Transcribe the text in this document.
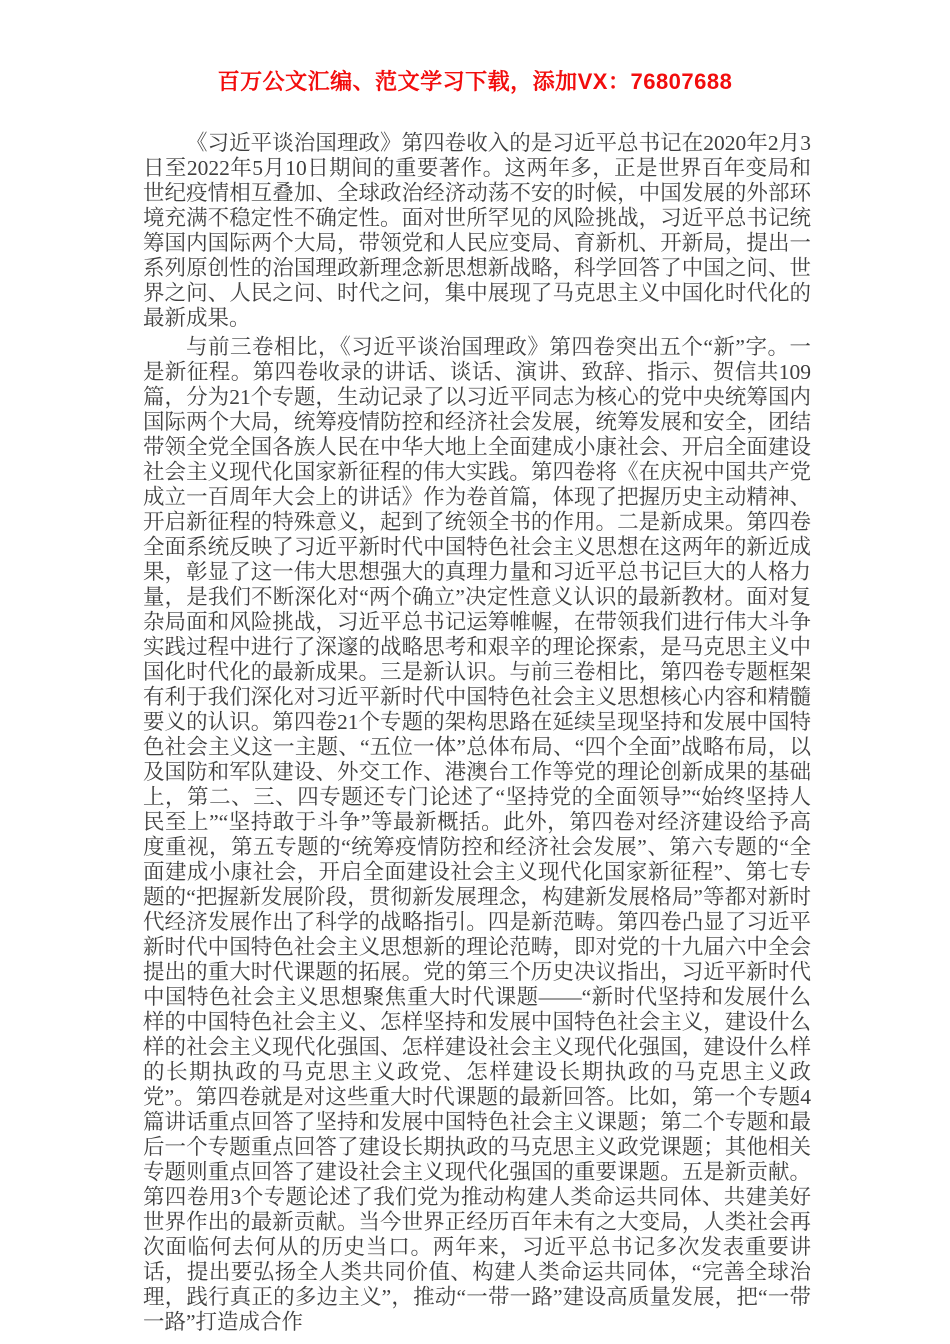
百万公文汇编、范文学习下载，添加VX：76807688

《习近平谈治国理政》第四卷收入的是习近平总书记在2020年2月3日至2022年5月10日期间的重要著作。这两年多，正是世界百年变局和世纪疫情相互叠加、全球政治经济动荡不安的时候，中国发展的外部环境充满不稳定性不确定性。面对世所罕见的风险挑战，习近平总书记统筹国内国际两个大局，带领党和人民应变局、育新机、开新局，提出一系列原创性的治国理政新理念新思想新战略，科学回答了中国之问、世界之问、人民之问、时代之问，集中展现了马克思主义中国化时代化的最新成果。

与前三卷相比，《习近平谈治国理政》第四卷突出五个“新”字。一是新征程。第四卷收录的讲话、谈话、演讲、致辞、指示、贺信共109篇，分为21个专题，生动记录了以习近平同志为核心的党中央统筹国内国际两个大局，统筹疫情防控和经济社会发展，统筹发展和安全，团结带领全党全国各族人民在中华大地上全面建成小康社会、开启全面建设社会主义现代化国家新征程的伟大实践。第四卷将《在庆祝中国共产党成立一百周年大会上的讲话》作为卷首篇，体现了把握历史主动精神、开启新征程的特殊意义，起到了统领全书的作用。二是新成果。第四卷全面系统反映了习近平新时代中国特色社会主义思想在这两年的新近成果，彰显了这一伟大思想强大的真理力量和习近平总书记巨大的人格力量，是我们不断深化对“两个确立”决定性意义认识的最新教材。面对复杂局面和风险挑战，习近平总书记运筹帷幄，在带领我们进行伟大斗争实践过程中进行了深邃的战略思考和艰辛的理论探索，是马克思主义中国化时代化的最新成果。三是新认识。与前三卷相比，第四卷专题框架有利于我们深化对习近平新时代中国特色社会主义思想核心内容和精髓要义的认识。第四卷21个专题的架构思路在延续呈现坚持和发展中国特色社会主义这一主题、“五位一体”总体布局、“四个全面”战略布局，以及国防和军队建设、外交工作、港澳台工作等党的理论创新成果的基础上，第二、三、四专题还专门论述了“坚持党的全面领导”“始终坚持人民至上”“坚持敢于斗争”等最新概括。此外，第四卷对经济建设给予高度重视，第五专题的“统筹疫情防控和经济社会发展”、第六专题的“全面建成小康社会，开启全面建设社会主义现代化国家新征程”、第七专题的“把握新发展阶段，贯彻新发展理念，构建新发展格局”等都对新时代经济发展作出了科学的战略指引。四是新范畴。第四卷凸显了习近平新时代中国特色社会主义思想新的理论范畴，即对党的十九届六中全会提出的重大时代课题的拓展。党的第三个历史决议指出，习近平新时代中国特色社会主义思想聚焦重大时代课题——“新时代坚持和发展什么样的中国特色社会主义、怎样坚持和发展中国特色社会主义，建设什么样的社会主义现代化强国、怎样建设社会主义现代化强国，建设什么样的长期执政的马克思主义政党、怎样建设长期执政的马克思主义政党”。第四卷就是对这些重大时代课题的最新回答。比如，第一个专题4篇讲话重点回答了坚持和发展中国特色社会主义课题；第二个专题和最后一个专题重点回答了建设长期执政的马克思主义政党课题；其他相关专题则重点回答了建设社会主义现代化强国的重要课题。五是新贡献。第四卷用3个专题论述了我们党为推动构建人类命运共同体、共建美好世界作出的最新贡献。当今世界正经历百年未有之大变局，人类社会再次面临何去何从的历史当口。两年来，习近平总书记多次发表重要讲话，提出要弘扬全人类共同价值、构建人类命运共同体，“完善全球治理，践行真正的多边主义”，推动“一带一路”建设高质量发展，把“一带一路”打造成合作
